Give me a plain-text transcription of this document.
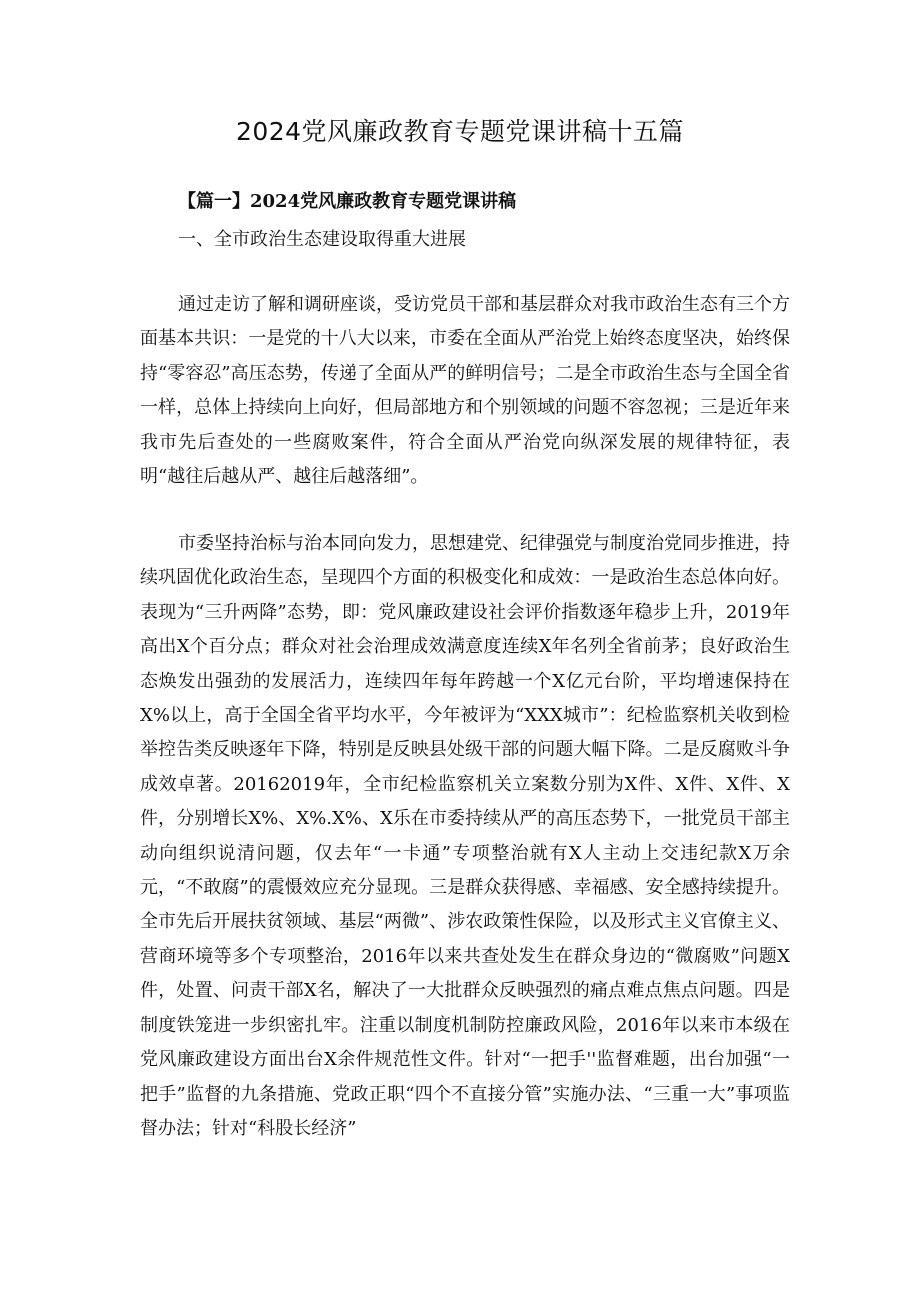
2024党风廉政教育专题党课讲稿十五篇

【篇一】2024党风廉政教育专题党课讲稿

一、全市政治生态建设取得重大进展

通过走访了解和调研座谈，受访党员干部和基层群众对我市政治生态有三个方面基本共识：一是党的十八大以来，市委在全面从严治党上始终态度坚决，始终保持“零容忍”高压态势，传递了全面从严的鲜明信号；二是全市政治生态与全国全省一样，总体上持续向上向好，但局部地方和个别领域的问题不容忽视；三是近年来我市先后查处的一些腐败案件，符合全面从严治党向纵深发展的规律特征，表明“越往后越从严、越往后越落细”。

市委坚持治标与治本同向发力，思想建党、纪律强党与制度治党同步推进，持续巩固优化政治生态，呈现四个方面的积极变化和成效：一是政治生态总体向好。表现为“三升两降”态势，即：党风廉政建设社会评价指数逐年稳步上升，2019年高出X个百分点；群众对社会治理成效满意度连续X年名列全省前茅；良好政治生态焕发出强劲的发展活力，连续四年每年跨越一个X亿元台阶，平均增速保持在X%以上，高于全国全省平均水平，今年被评为“XXX城市”：纪检监察机关收到检举控告类反映逐年下降，特别是反映县处级干部的问题大幅下降。二是反腐败斗争成效卓著。20162019年，全市纪检监察机关立案数分别为X件、X件、X件、X件，分别增长X%、X%.X%、X乐在市委持续从严的高压态势下，一批党员干部主动向组织说清问题，仅去年“一卡通”专项整治就有X人主动上交违纪款X万余元，“不敢腐”的震慑效应充分显现。三是群众获得感、幸福感、安全感持续提升。全市先后开展扶贫领域、基层“两微”、涉农政策性保险，以及形式主义官僚主义、营商环境等多个专项整治，2016年以来共查处发生在群众身边的“微腐败”问题X件，处置、问责干部X名，解决了一大批群众反映强烈的痛点难点焦点问题。四是制度铁笼进一步织密扎牢。注重以制度机制防控廉政风险，2016年以来市本级在党风廉政建设方面出台X余件规范性文件。针对“一把手''监督难题，出台加强“一把手”监督的九条措施、党政正职“四个不直接分管”实施办法、“三重一大”事项监督办法；针对“科股长经济”
